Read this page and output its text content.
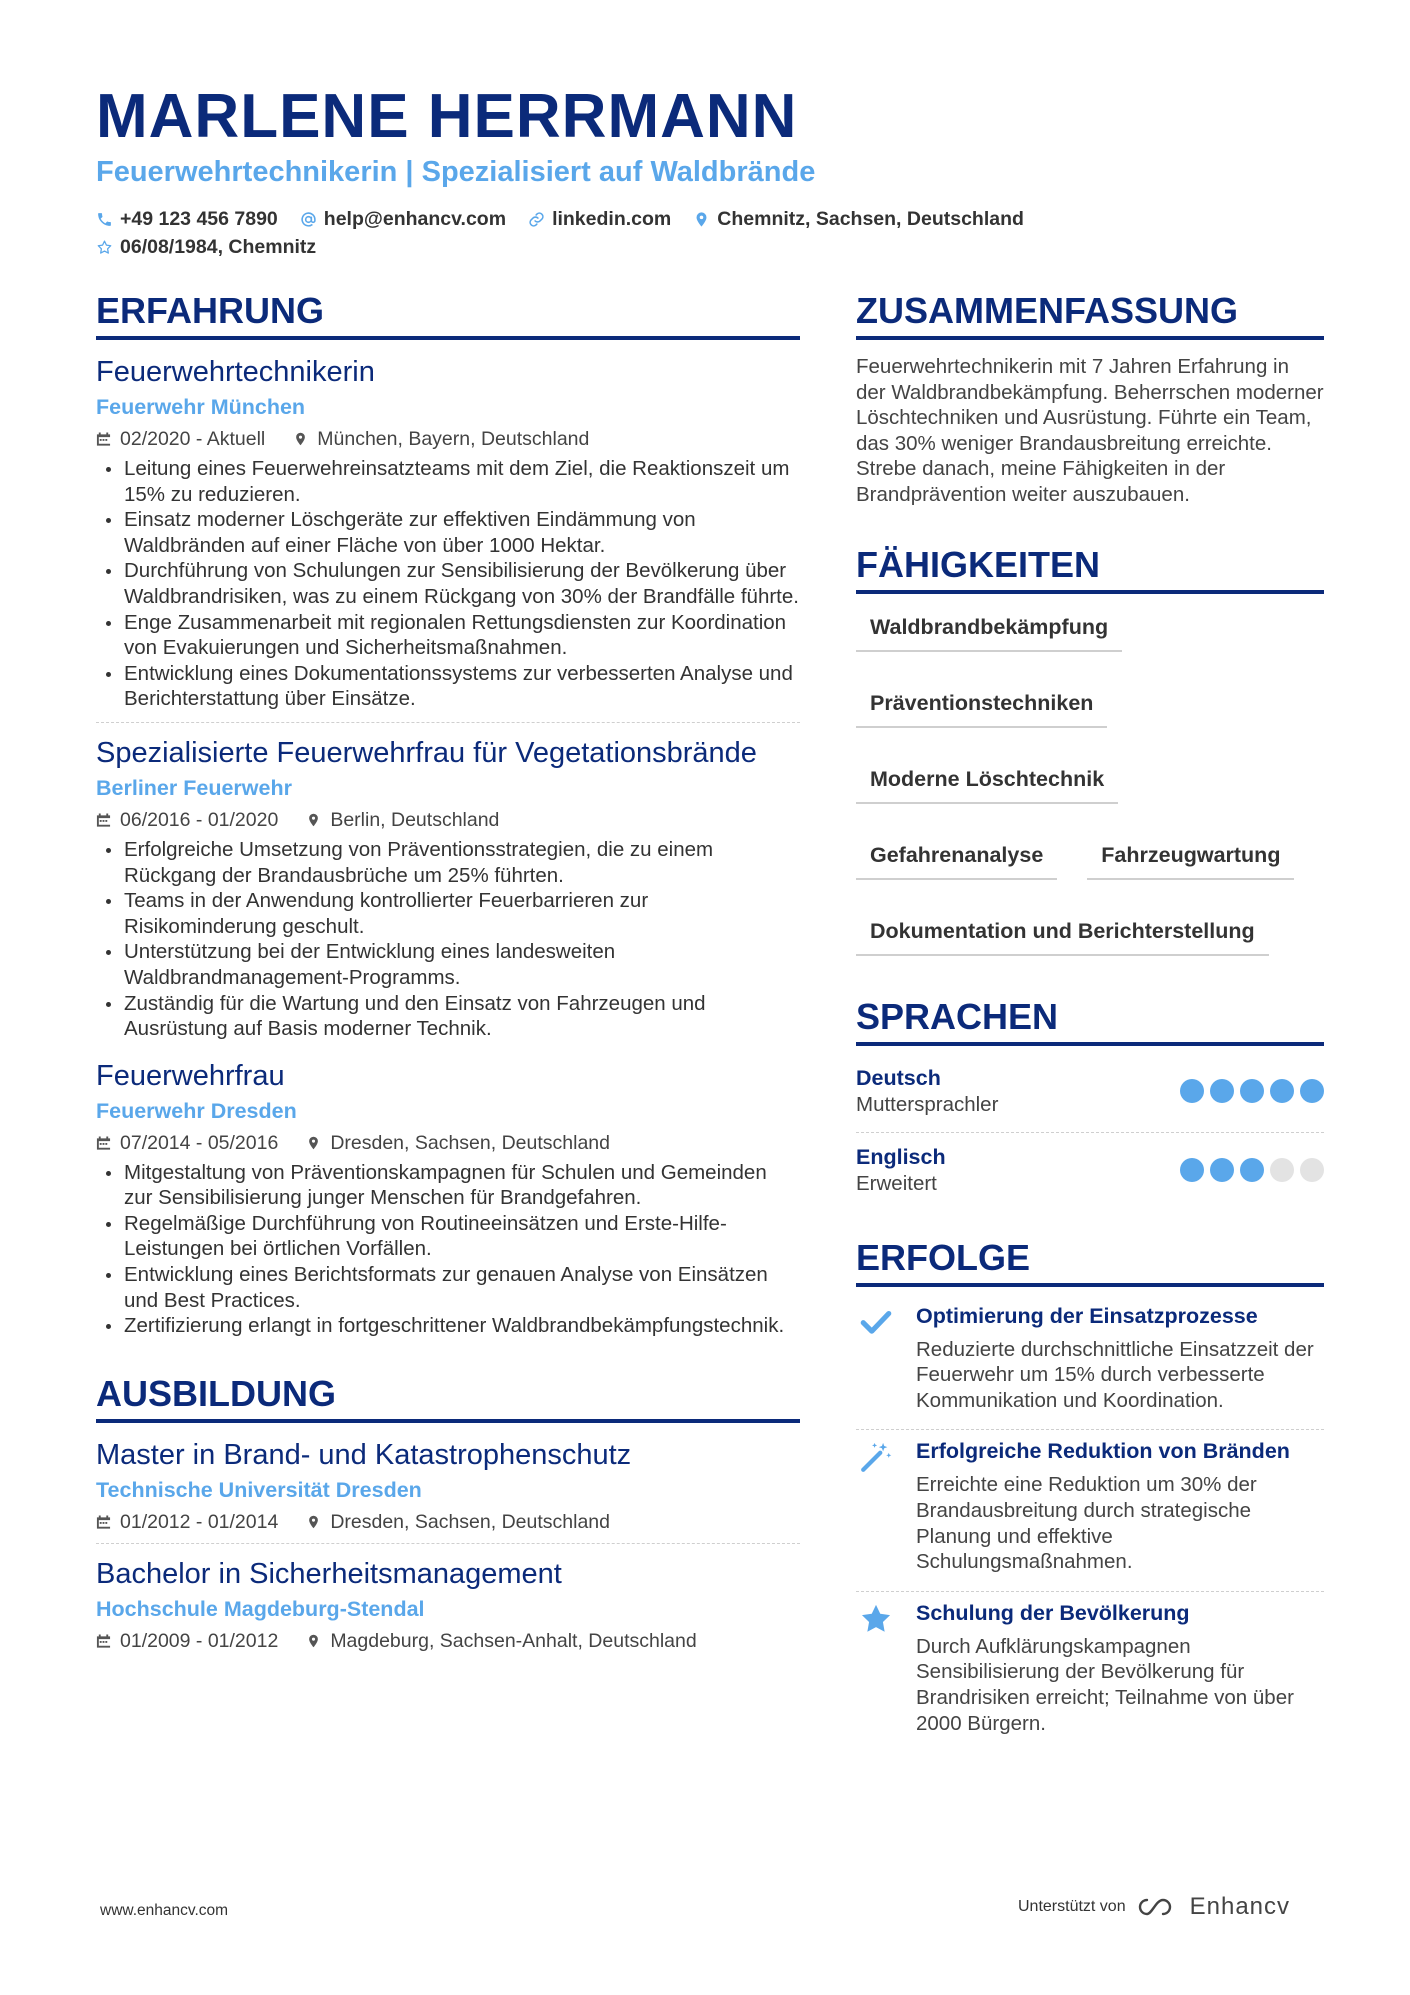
MARLENE HERRMANN
Feuerwehrtechnikerin | Spezialisiert auf Waldbrände
+49 123 456 7890 help@enhancv.com linkedin.com Chemnitz, Sachsen, Deutschland
06/08/1984, Chemnitz
ERFAHRUNG
Feuerwehrtechnikerin
Feuerwehr München
02/2020 - Aktuell	München, Bayern, Deutschland
Leitung eines Feuerwehreinsatzteams mit dem Ziel, die Reaktionszeit um 15% zu reduzieren.
Einsatz moderner Löschgeräte zur effektiven Eindämmung von Waldbränden auf einer Fläche von über 1000 Hektar.
Durchführung von Schulungen zur Sensibilisierung der Bevölkerung über Waldbrandrisiken, was zu einem Rückgang von 30% der Brandfälle führte.
Enge Zusammenarbeit mit regionalen Rettungsdiensten zur Koordination von Evakuierungen und Sicherheitsmaßnahmen.
Entwicklung eines Dokumentationssystems zur verbesserten Analyse und Berichterstattung über Einsätze.
Spezialisierte Feuerwehrfrau für Vegetationsbrände
Berliner Feuerwehr
06/2016 - 01/2020	Berlin, Deutschland
Erfolgreiche Umsetzung von Präventionsstrategien, die zu einem Rückgang der Brandausbrüche um 25% führten.
Teams in der Anwendung kontrollierter Feuerbarrieren zur Risikominderung geschult.
Unterstützung bei der Entwicklung eines landesweiten Waldbrandmanagement-Programms.
Zuständig für die Wartung und den Einsatz von Fahrzeugen und Ausrüstung auf Basis moderner Technik.
Feuerwehrfrau
Feuerwehr Dresden
07/2014 - 05/2016	Dresden, Sachsen, Deutschland
Mitgestaltung von Präventionskampagnen für Schulen und Gemeinden zur Sensibilisierung junger Menschen für Brandgefahren.
Regelmäßige Durchführung von Routineeinsätzen und Erste-Hilfe-Leistungen bei örtlichen Vorfällen.
Entwicklung eines Berichtsformats zur genauen Analyse von Einsätzen und Best Practices.
Zertifizierung erlangt in fortgeschrittener Waldbrandbekämpfungstechnik.
AUSBILDUNG
Master in Brand- und Katastrophenschutz
Technische Universität Dresden
01/2012 - 01/2014	Dresden, Sachsen, Deutschland
Bachelor in Sicherheitsmanagement
Hochschule Magdeburg-Stendal
01/2009 - 01/2012	Magdeburg, Sachsen-Anhalt, Deutschland
ZUSAMMENFASSUNG
Feuerwehrtechnikerin mit 7 Jahren Erfahrung in der Waldbrandbekämpfung. Beherrschen moderner Löschtechniken und Ausrüstung. Führte ein Team, das 30% weniger Brandausbreitung erreichte. Strebe danach, meine Fähigkeiten in der Brandprävention weiter auszubauen.
FÄHIGKEITEN
Waldbrandbekämpfung
Präventionstechniken
Moderne Löschtechnik
Gefahrenanalyse	Fahrzeugwartung
Dokumentation und Berichterstellung
SPRACHEN
Deutsch
Muttersprachler
Englisch
Erweitert
ERFOLGE
Optimierung der Einsatzprozesse
Reduzierte durchschnittliche Einsatzzeit der Feuerwehr um 15% durch verbesserte Kommunikation und Koordination.
Erfolgreiche Reduktion von Bränden
Erreichte eine Reduktion um 30% der Brandausbreitung durch strategische Planung und effektive Schulungsmaßnahmen.
Schulung der Bevölkerung
Durch Aufklärungskampagnen Sensibilisierung der Bevölkerung für Brandrisiken erreicht; Teilnahme von über 2000 Bürgern.
www.enhancv.com	Unterstützt von	Enhancv
